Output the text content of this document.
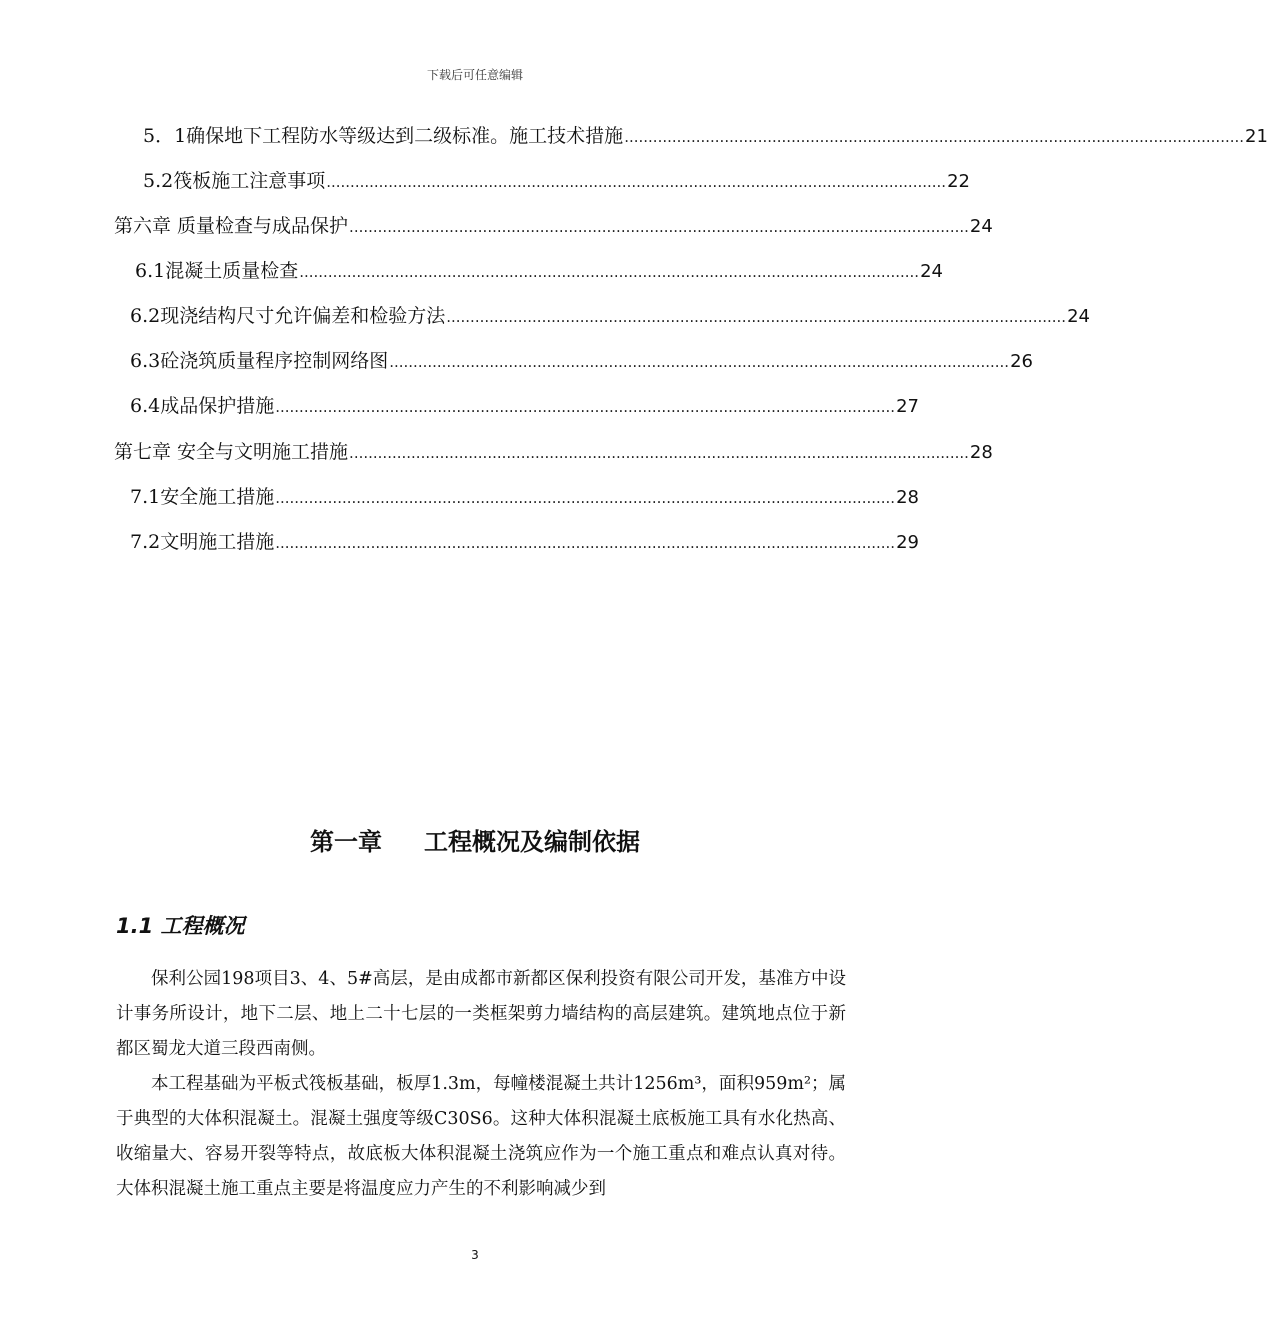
下载后可任意编辑
5．1确保地下工程防水等级达到二级标准。施工技术措施 .................................................................................................................................. 21
5.2筏板施工注意事项 .................................................................................................................................. 22
第六章 质量检查与成品保护 .................................................................................................................................. 24
6.1混凝土质量检查 .................................................................................................................................. 24
6.2现浇结构尺寸允许偏差和检验方法 .................................................................................................................................. 24
6.3砼浇筑质量程序控制网络图 .................................................................................................................................. 26
6.4成品保护措施 .................................................................................................................................. 27
第七章 安全与文明施工措施 .................................................................................................................................. 28
7.1安全施工措施 .................................................................................................................................. 28
7.2文明施工措施 .................................................................................................................................. 29
第一章 工程概况及编制依据
1.1 工程概况

保利公园198项目3、4、5#高层，是由成都市新都区保利投资有限公司开发，基准方中设计事务所设计，地下二层、地上二十七层的一类框架剪力墙结构的高层建筑。建筑地点位于新都区蜀龙大道三段西南侧。

本工程基础为平板式筏板基础，板厚1.3m，每幢楼混凝土共计1256m³，面积959m²；属于典型的大体积混凝土。混凝土强度等级C30S6。这种大体积混凝土底板施工具有水化热高、收缩量大、容易开裂等特点，故底板大体积混凝土浇筑应作为一个施工重点和难点认真对待。大体积混凝土施工重点主要是将温度应力产生的不利影响减少到

3
